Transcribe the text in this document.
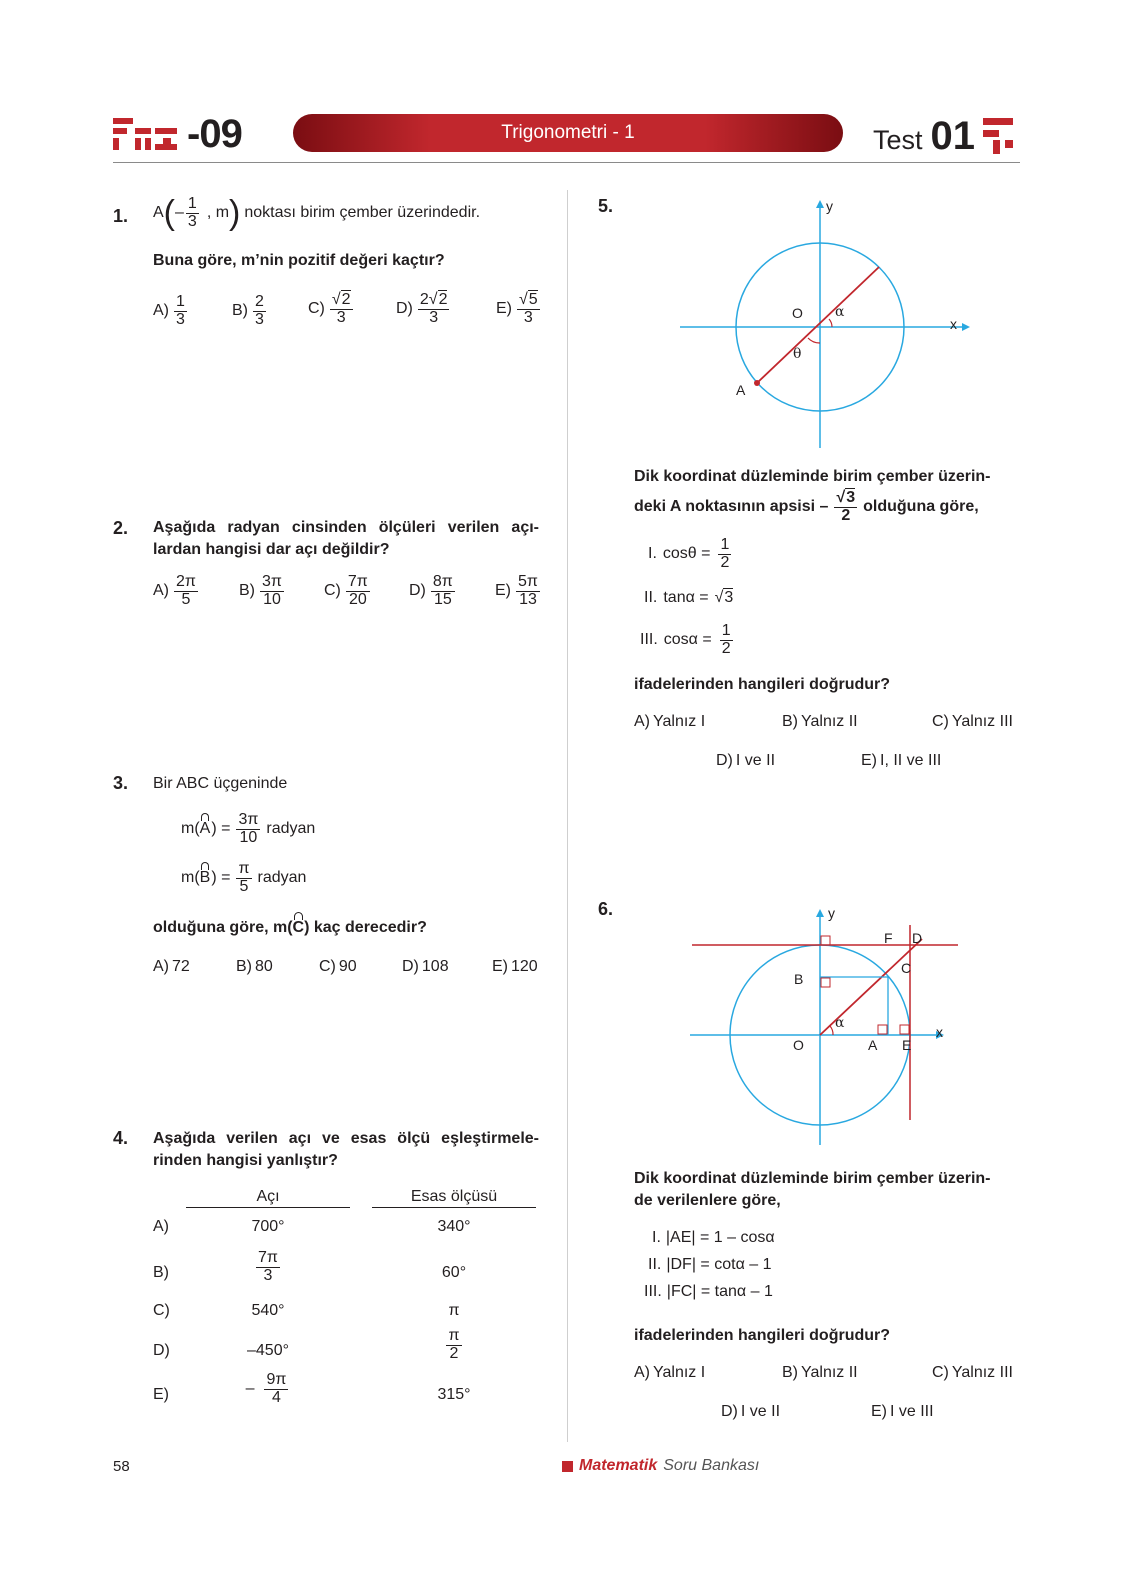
-09	Trigonometri - 1	Test 01
1. A ( – $\frac{1}{3}$ , m ) noktası birim çember üzerindedir.
Buna göre, m’nin pozitif değeri kaçtır?
$A) \frac{1}{3}$	$B) \frac{2}{3}$	$C) \frac{√2}{3}$	$D) \frac{2√2}{3}$	$E) \frac{√5}{3}$
2. Aşağıda radyan cinsinden ölçüleri verilen açı-
lardan hangisi dar açı değildir?
$A) \frac{2\pi}{5}$	$B) \frac{3\pi}{10}$	$C) \frac{7\pi}{20} D) \frac{8\pi}{15}$	$E) \frac{5\pi}{13}$
3. Bir ABC üçgeninde
m( A ) = $\frac{3\pi}{10}$ radyan
m( B ) = $\frac{\pi}{5}$ radyan
olduğuna göre, m(C) kaç derecedir?
A) 72	B) 80	C) 90	D) 108	E) 120
4. Aşağıda verilen açı ve esas ölçü eşleştirmele-
rinden hangisi yanlıştır?
Açı	Esas ölçüsü
A)	700°	340°
B)	$\frac{7\pi}{3}$	60°
C)	540°	π
D)	–450°	$\frac{\pi}{2}$
E)	– $\frac{9\pi}{4}$	315°
5.	y
x
O α
θ
A
Dik koordinat düzleminde birim çember üzerin-
deki A noktasının apsisi – $\frac{√3}{2}$ olduğuna göre,
I. $\cos\theta = \frac{1}{2}$
II. tanα = √3
III. $\cos\alpha = \frac{1}{2}$
ifadelerinden hangileri doğrudur?
A) Yalnız I	B) Yalnız II	C) Yalnız III
D) I ve II	E) I, II ve III
6.	y
x
O
α
A E
B
C
F D
Dik koordinat düzleminde birim çember üzerin-
de verilenlere göre,
I. |AE| = 1 – cosα
II. |DF| = cotα – 1
III. |FC| = tanα – 1
ifadelerinden hangileri doğrudur?
A) Yalnız I	B) Yalnız II	C) Yalnız III
D) I ve II	E) I ve III
58	Matematik Soru Bankası
